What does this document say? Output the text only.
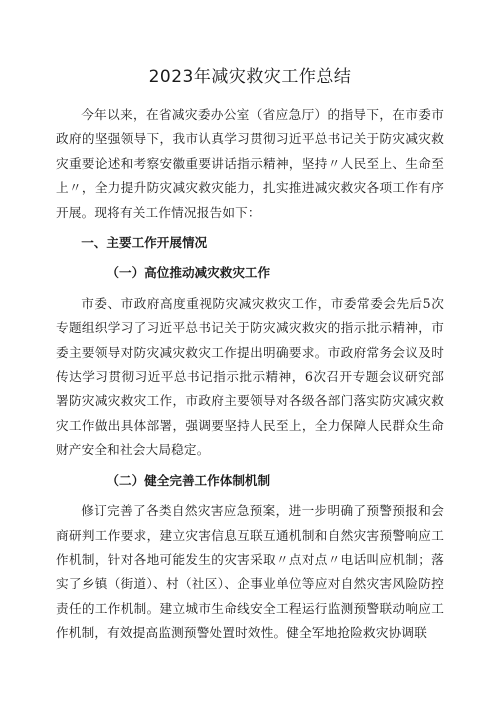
2023年减灾救灾工作总结

今年以来，在省减灾委办公室（省应急厅）的指导下，在市委市政府的坚强领导下，我市认真学习贯彻习近平总书记关于防灾减灾救灾重要论述和考察安徽重要讲话指示精神，坚持〃人民至上、生命至上〃，全力提升防灾减灾救灾能力，扎实推进减灾救灾各项工作有序开展。现将有关工作情况报告如下：

一、主要工作开展情况

（一）高位推动减灾救灾工作

市委、市政府高度重视防灾减灾救灾工作，市委常委会先后5次专题组织学习了习近平总书记关于防灾减灾救灾的指示批示精神，市委主要领导对防灾减灾救灾工作提出明确要求。市政府常务会议及时传达学习贯彻习近平总书记指示批示精神，6次召开专题会议研究部署防灾减灾救灾工作，市政府主要领导对各级各部门落实防灾减灾救灾工作做出具体部署，强调要坚持人民至上，全力保障人民群众生命财产安全和社会大局稳定。

（二）健全完善工作体制机制

修订完善了各类自然灾害应急预案，进一步明确了预警预报和会商研判工作要求，建立灾害信息互联互通机制和自然灾害预警响应工作机制，针对各地可能发生的灾害采取〃点对点〃电话叫应机制；落实了乡镇（街道）、村（社区）、企事业单位等应对自然灾害风险防控责任的工作机制。建立城市生命线安全工程运行监测预警联动响应工作机制，有效提高监测预警处置时效性。健全军地抢险救灾协调联
